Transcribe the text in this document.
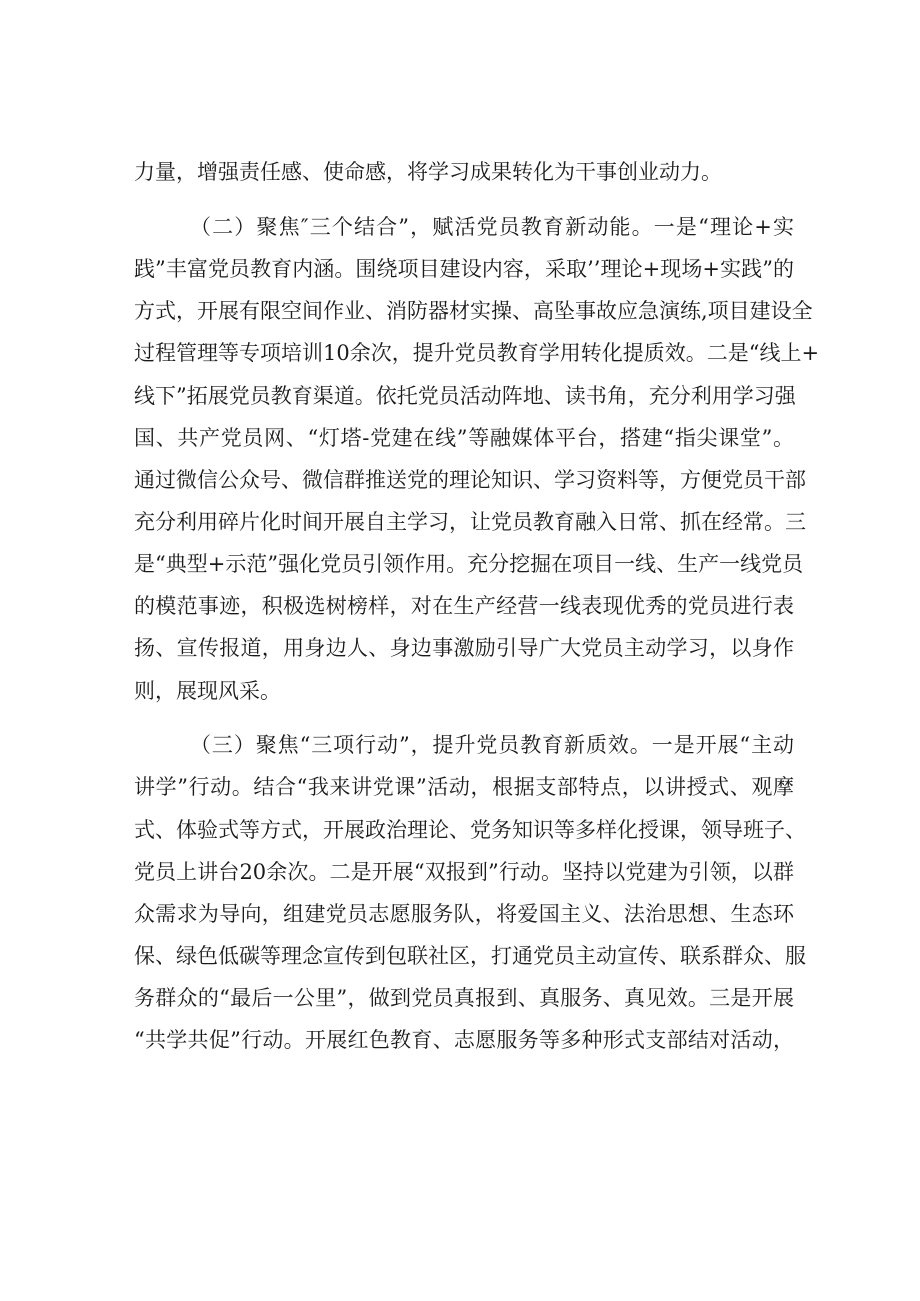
力量，增强责任感、使命感，将学习成果转化为干事创业动力。
（二）聚焦″三个结合”，赋活党员教育新动能。一是“理论+实
践”丰富党员教育内涵。围绕项目建设内容，采取’’理论+现场+实践”的
方式，开展有限空间作业、消防器材实操、高坠事故应急演练,项目建设全
过程管理等专项培训10余次，提升党员教育学用转化提质效。二是“线上+
线下”拓展党员教育渠道。依托党员活动阵地、读书角，充分利用学习强
国、共产党员网、“灯塔-党建在线”等融媒体平台，搭建“指尖课堂”。
通过微信公众号、微信群推送党的理论知识、学习资料等，方便党员干部
充分利用碎片化时间开展自主学习，让党员教育融入日常、抓在经常。三
是“典型+示范”强化党员引领作用。充分挖掘在项目一线、生产一线党员
的模范事迹，积极选树榜样，对在生产经营一线表现优秀的党员进行表
扬、宣传报道，用身边人、身边事激励引导广大党员主动学习，以身作
则，展现风采。
（三）聚焦“三项行动”，提升党员教育新质效。一是开展“主动
讲学”行动。结合“我来讲党课”活动，根据支部特点，以讲授式、观摩
式、体验式等方式，开展政治理论、党务知识等多样化授课，领导班子、
党员上讲台20余次。二是开展“双报到”行动。坚持以党建为引领，以群
众需求为导向，组建党员志愿服务队，将爱国主义、法治思想、生态环
保、绿色低碳等理念宣传到包联社区，打通党员主动宣传、联系群众、服
务群众的“最后一公里”，做到党员真报到、真服务、真见效。三是开展
“共学共促”行动。开展红色教育、志愿服务等多种形式支部结对活动，
